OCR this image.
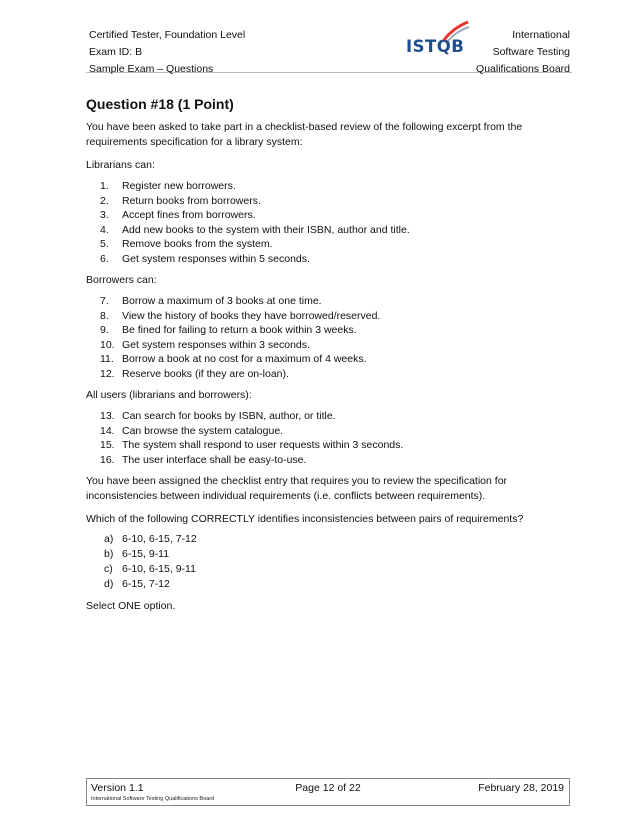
Certified Tester, Foundation Level
Exam ID: B
Sample Exam – Questions
ISTQB
International
Software Testing
Qualifications Board
Question #18 (1 Point)

You have been asked to take part in a checklist-based review of the following excerpt from the requirements specification for a library system:

Librarians can:

1.	Register new borrowers.
2.	Return books from borrowers.
3.	Accept fines from borrowers.
4.	Add new books to the system with their ISBN, author and title.
5.	Remove books from the system.
6.	Get system responses within 5 seconds.

Borrowers can:

7.	Borrow a maximum of 3 books at one time.
8.	View the history of books they have borrowed/reserved.
9.	Be fined for failing to return a book within 3 weeks.
10. Get system responses within 3 seconds.
11. Borrow a book at no cost for a maximum of 4 weeks.
12. Reserve books (if they are on-loan).

All users (librarians and borrowers):

13. Can search for books by ISBN, author, or title.
14. Can browse the system catalogue.
15. The system shall respond to user requests within 3 seconds.
16. The user interface shall be easy-to-use.

You have been assigned the checklist entry that requires you to review the specification for inconsistencies between individual requirements (i.e. conflicts between requirements).

Which of the following CORRECTLY identifies inconsistencies between pairs of requirements?

a) 6-10, 6-15, 7-12
b) 6-15, 9-11
c) 6-10, 6-15, 9-11
d) 6-15, 7-12

Select ONE option.

Page 12 of 22
Version 1.1	February 28, 2019
International Software Testing Qualifications Board
